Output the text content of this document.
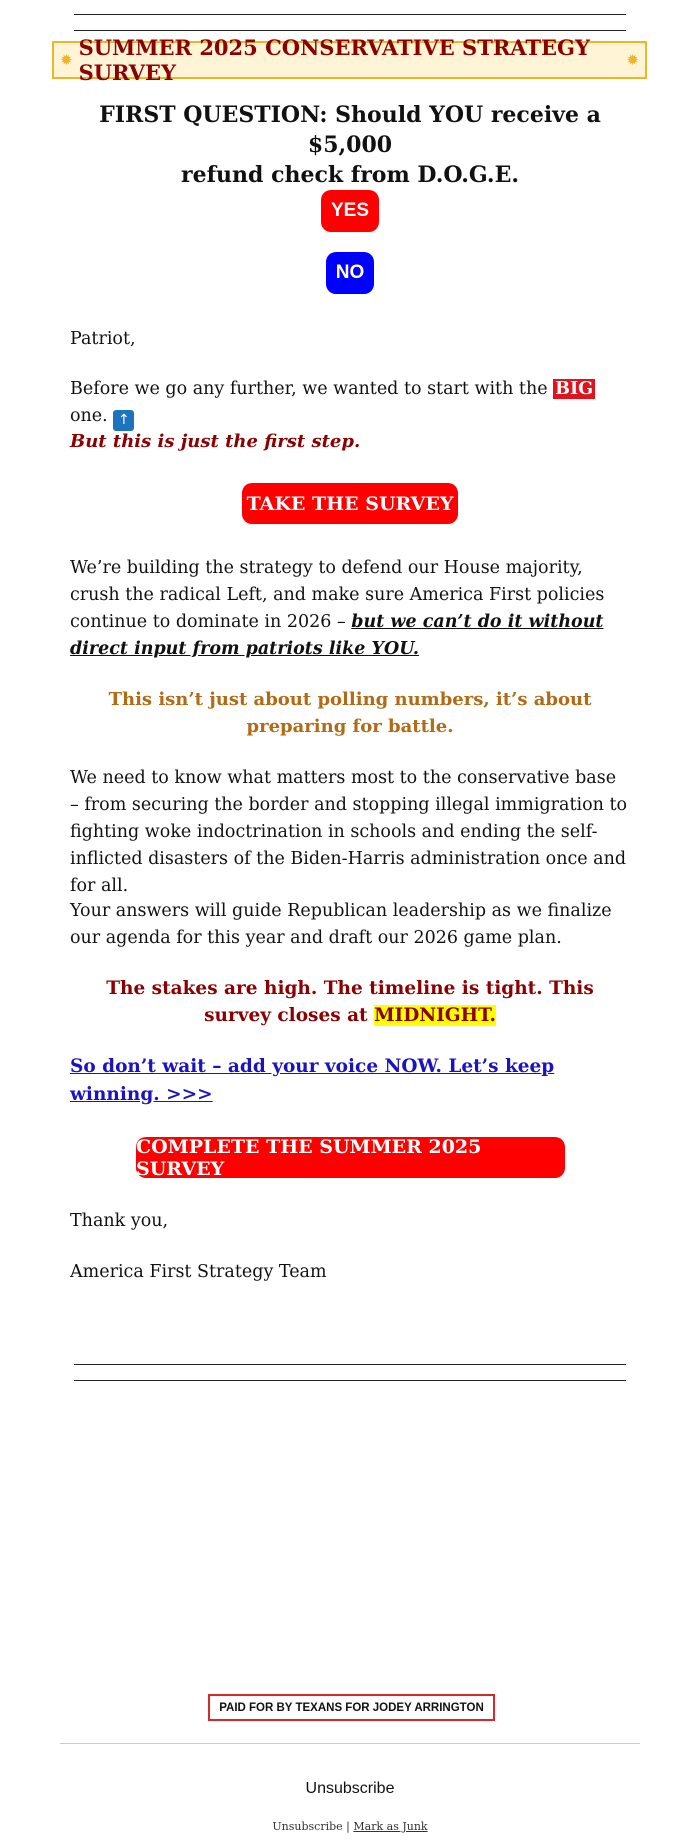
✹ SUMMER 2025 CONSERVATIVE STRATEGY SURVEY	✹
FIRST QUESTION: Should YOU receive a $5,000
refund check from D.O.G.E.
YES
NO
Patriot,
Before we go any further, we wanted to start with the BIG one. ↑
But this is just the first step.
TAKE THE SURVEY
We’re building the strategy to defend our House majority, crush the radical Left, and make sure America First policies continue to dominate in 2026 – but we can’t do it without direct input from patriots like YOU.
This isn’t just about polling numbers, it’s about preparing for battle.
We need to know what matters most to the conservative base – from securing the border and stopping illegal immigration to fighting woke indoctrination in schools and ending the self-inflicted disasters of the Biden-Harris administration once and for all.
Your answers will guide Republican leadership as we finalize our agenda for this year and draft our 2026 game plan.
The stakes are high. The timeline is tight. This survey closes at MIDNIGHT.
So don’t wait – add your voice NOW. Let’s keep winning. >>>
COMPLETE THE SUMMER 2025 SURVEY
Thank you,
America First Strategy Team
PAID FOR BY TEXANS FOR JODEY ARRINGTON
Unsubscribe
Unsubscribe | Mark as Junk
